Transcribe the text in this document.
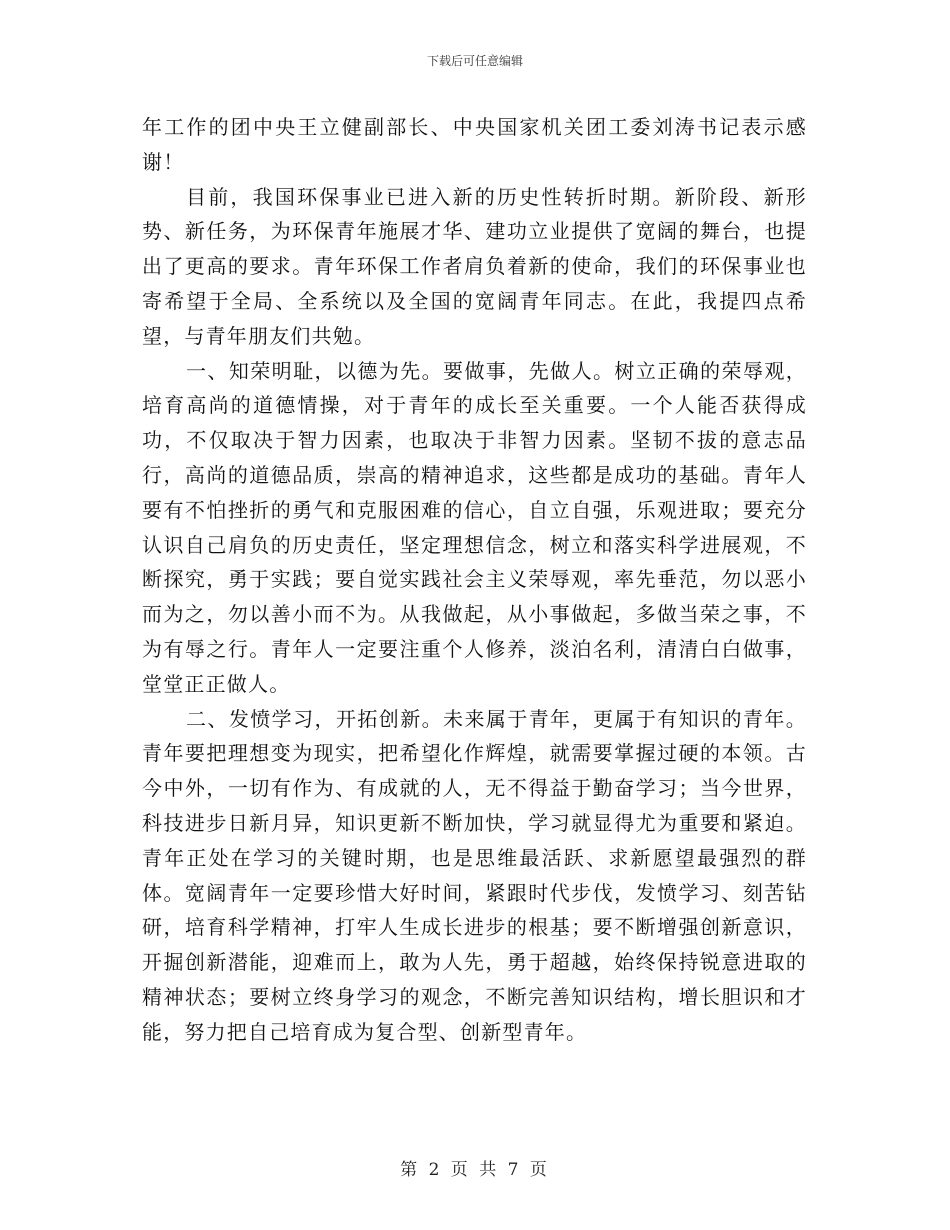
下载后可任意编辑

年工作的团中央王立健副部长、中央国家机关团工委刘涛书记表示感谢！

目前，我国环保事业已进入新的历史性转折时期。新阶段、新形势、新任务，为环保青年施展才华、建功立业提供了宽阔的舞台，也提出了更高的要求。青年环保工作者肩负着新的使命，我们的环保事业也寄希望于全局、全系统以及全国的宽阔青年同志。在此，我提四点希望，与青年朋友们共勉。

一、知荣明耻，以德为先。要做事，先做人。树立正确的荣辱观，培育高尚的道德情操，对于青年的成长至关重要。一个人能否获得成功，不仅取决于智力因素，也取决于非智力因素。坚韧不拔的意志品行，高尚的道德品质，崇高的精神追求，这些都是成功的基础。青年人要有不怕挫折的勇气和克服困难的信心，自立自强，乐观进取；要充分认识自己肩负的历史责任，坚定理想信念，树立和落实科学进展观，不断探究，勇于实践；要自觉实践社会主义荣辱观，率先垂范，勿以恶小而为之，勿以善小而不为。从我做起，从小事做起，多做当荣之事，不为有辱之行。青年人一定要注重个人修养，淡泊名利，清清白白做事，堂堂正正做人。

二、发愤学习，开拓创新。未来属于青年，更属于有知识的青年。青年要把理想变为现实，把希望化作辉煌，就需要掌握过硬的本领。古今中外，一切有作为、有成就的人，无不得益于勤奋学习；当今世界，科技进步日新月异，知识更新不断加快，学习就显得尤为重要和紧迫。青年正处在学习的关键时期，也是思维最活跃、求新愿望最强烈的群体。宽阔青年一定要珍惜大好时间，紧跟时代步伐，发愤学习、刻苦钻研，培育科学精神，打牢人生成长进步的根基；要不断增强创新意识，开掘创新潜能，迎难而上，敢为人先，勇于超越，始终保持锐意进取的精神状态；要树立终身学习的观念，不断完善知识结构，增长胆识和才能，努力把自己培育成为复合型、创新型青年。

第 2 页 共 7 页
